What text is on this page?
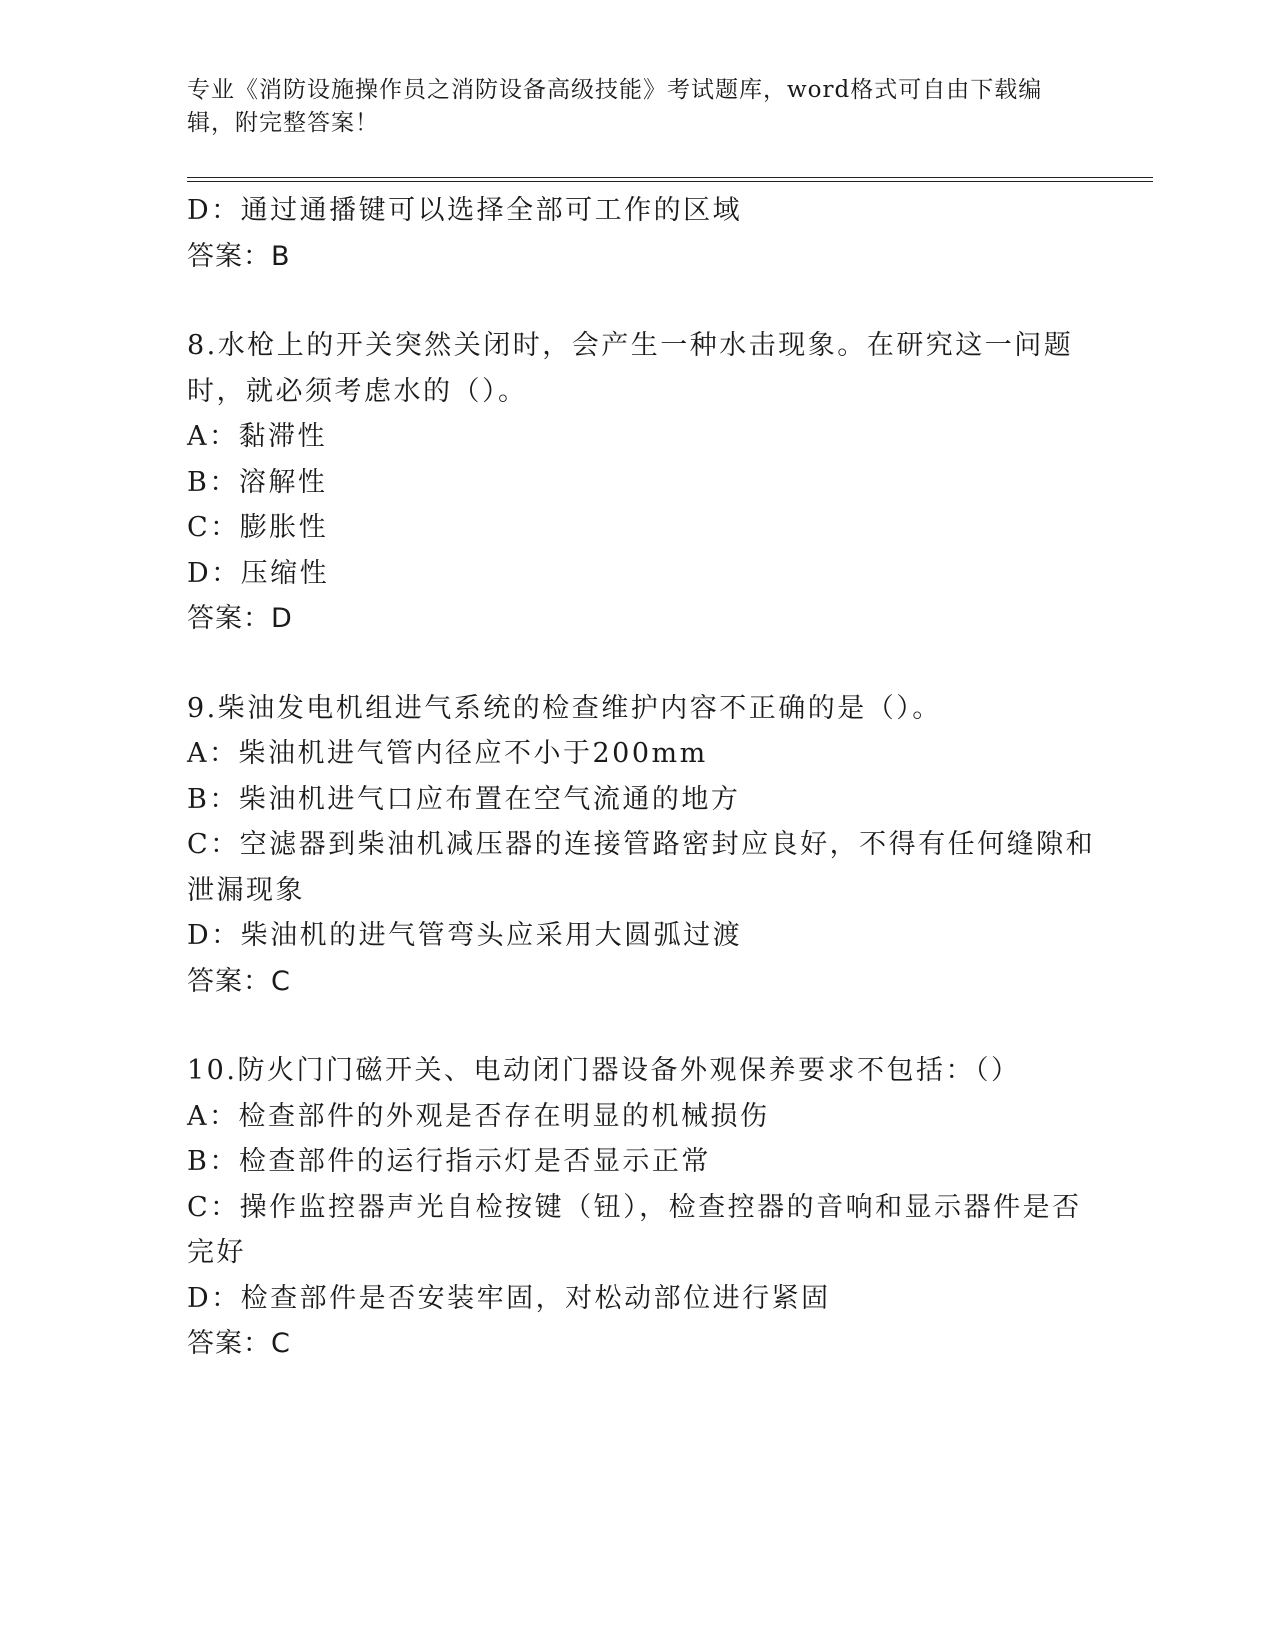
专业《消防设施操作员之消防设备高级技能》考试题库，word格式可自由下载编辑，附完整答案！
D：通过通播键可以选择全部可工作的区域
答案：B
8.水枪上的开关突然关闭时，会产生一种水击现象。在研究这一问题
时，就必须考虑水的（）。
A：黏滞性
B：溶解性
C：膨胀性
D：压缩性
答案：D
9.柴油发电机组进气系统的检查维护内容不正确的是（）。
A：柴油机进气管内径应不小于200mm
B：柴油机进气口应布置在空气流通的地方
C：空滤器到柴油机减压器的连接管路密封应良好，不得有任何缝隙和
泄漏现象
D：柴油机的进气管弯头应采用大圆弧过渡
答案：C
10.防火门门磁开关、电动闭门器设备外观保养要求不包括：（）
A：检查部件的外观是否存在明显的机械损伤
B：检查部件的运行指示灯是否显示正常
C：操作监控器声光自检按键（钮），检查控器的音响和显示器件是否
完好
D：检查部件是否安装牢固，对松动部位进行紧固
答案：C
